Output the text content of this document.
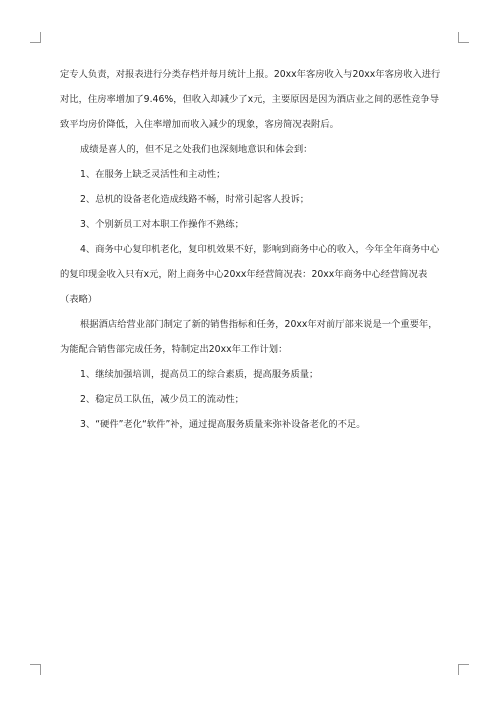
定专人负责，对报表进行分类存档并每月统计上报。20xx年客房收入与20xx年客房收入进行对比，住房率增加了9.46%，但收入却减少了x元，主要原因是因为酒店业之间的恶性竞争导致平均房价降低，入住率增加而收入减少的现象，客房简况表附后。

成绩是喜人的，但不足之处我们也深刻地意识和体会到：

1、在服务上缺乏灵活性和主动性；

2、总机的设备老化造成线路不畅，时常引起客人投诉；

3、个别新员工对本职工作操作不熟练；

4、商务中心复印机老化，复印机效果不好，影响到商务中心的收入，今年全年商务中心的复印现金收入只有x元，附上商务中心20xx年经营简况表：20xx年商务中心经营简况表（表略）

根据酒店给营业部门制定了新的销售指标和任务，20xx年对前厅部来说是一个重要年，为能配合销售部完成任务，特制定出20xx年工作计划：

1、继续加强培训，提高员工的综合素质，提高服务质量；

2、稳定员工队伍，减少员工的流动性；

3、“硬件”老化“软件”补，通过提高服务质量来弥补设备老化的不足。
